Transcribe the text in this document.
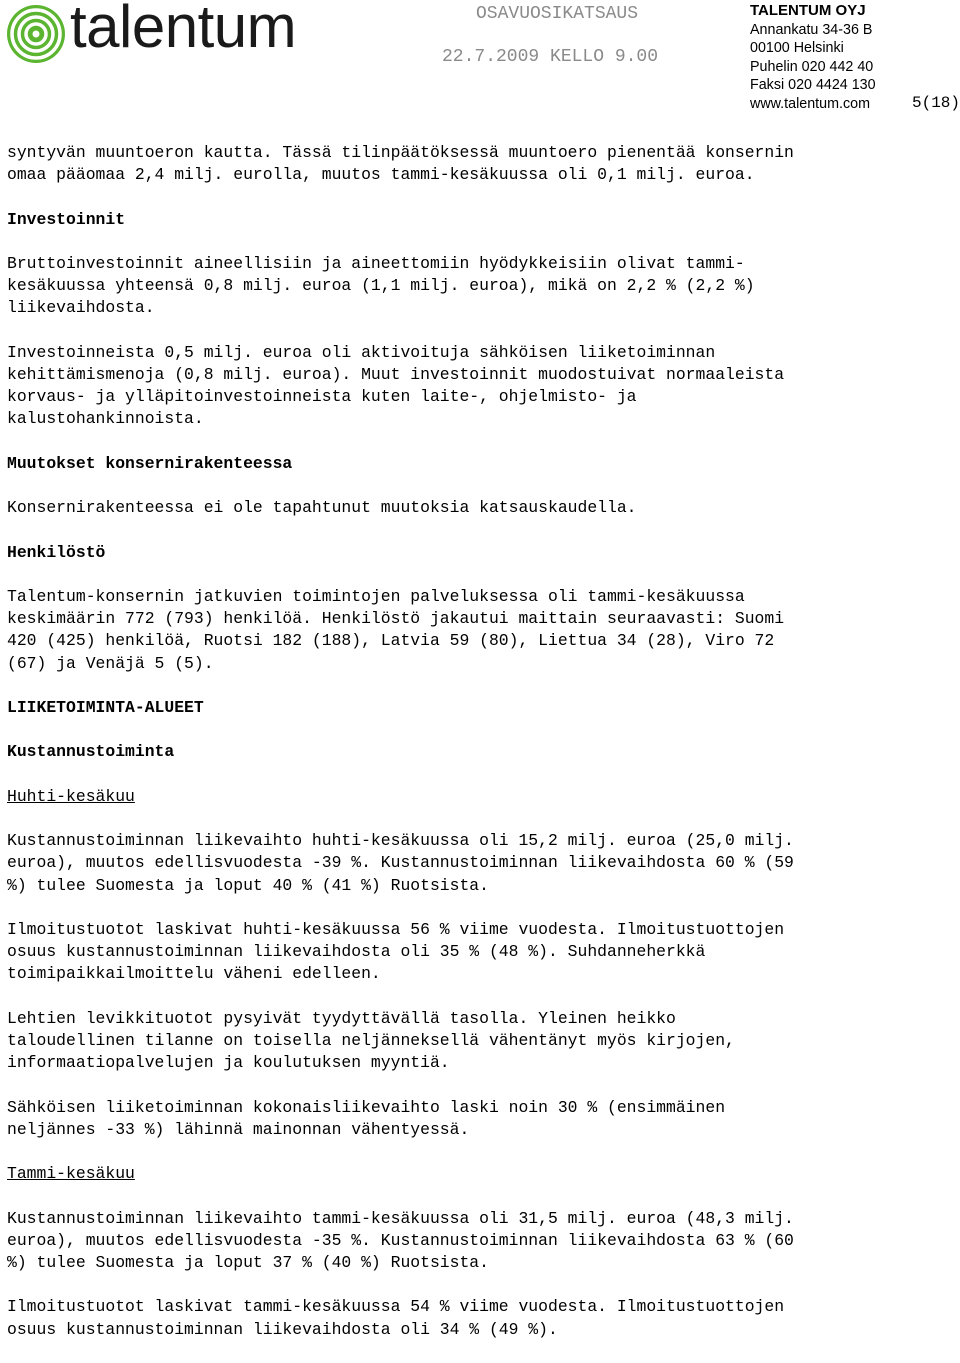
talentum	OSAVUOSIKATSAUS
22.7.2009 KELLO 9.00
TALENTUM OYJ
Annankatu 34-36 B
00100 Helsinki
Puhelin 020 442 40
Faksi 020 4424 130
www.talentum.com	5(18)

syntyvän muuntoeron kautta. Tässä tilinpäätöksessä muuntoero pienentää konsernin
omaa pääomaa 2,4 milj. eurolla, muutos tammi-kesäkuussa oli 0,1 milj. euroa.

Investoinnit

Bruttoinvestoinnit aineellisiin ja aineettomiin hyödykkeisiin olivat tammi-
kesäkuussa yhteensä 0,8 milj. euroa (1,1 milj. euroa), mikä on 2,2 % (2,2 %)
liikevaihdosta.

Investoinneista 0,5 milj. euroa oli aktivoituja sähköisen liiketoiminnan
kehittämismenoja (0,8 milj. euroa). Muut investoinnit muodostuivat normaaleista
korvaus- ja ylläpitoinvestoinneista kuten laite-, ohjelmisto- ja
kalustohankinnoista.

Muutokset konsernirakenteessa

Konsernirakenteessa ei ole tapahtunut muutoksia katsauskaudella.

Henkilöstö

Talentum-konsernin jatkuvien toimintojen palveluksessa oli tammi-kesäkuussa
keskimäärin 772 (793) henkilöä. Henkilöstö jakautui maittain seuraavasti: Suomi
420 (425) henkilöä, Ruotsi 182 (188), Latvia 59 (80), Liettua 34 (28), Viro 72
(67) ja Venäjä 5 (5).

LIIKETOIMINTA-ALUEET
Kustannustoiminta
Huhti-kesäkuu

Kustannustoiminnan liikevaihto huhti-kesäkuussa oli 15,2 milj. euroa (25,0 milj.
euroa), muutos edellisvuodesta -39 %. Kustannustoiminnan liikevaihdosta 60 % (59
%) tulee Suomesta ja loput 40 % (41 %) Ruotsista.

Ilmoitustuotot laskivat huhti-kesäkuussa 56 % viime vuodesta. Ilmoitustuottojen
osuus kustannustoiminnan liikevaihdosta oli 35 % (48 %). Suhdanneherkkä
toimipaikkailmoittelu väheni edelleen.

Lehtien levikkituotot pysyivät tyydyttävällä tasolla. Yleinen heikko
taloudellinen tilanne on toisella neljänneksellä vähentänyt myös kirjojen,
informaatiopalvelujen ja koulutuksen myyntiä.

Sähköisen liiketoiminnan kokonaisliikevaihto laski noin 30 % (ensimmäinen
neljännes -33 %) lähinnä mainonnan vähentyessä.

Tammi-kesäkuu

Kustannustoiminnan liikevaihto tammi-kesäkuussa oli 31,5 milj. euroa (48,3 milj.
euroa), muutos edellisvuodesta -35 %. Kustannustoiminnan liikevaihdosta 63 % (60
%) tulee Suomesta ja loput 37 % (40 %) Ruotsista.

Ilmoitustuotot laskivat tammi-kesäkuussa 54 % viime vuodesta. Ilmoitustuottojen
osuus kustannustoiminnan liikevaihdosta oli 34 % (49 %).
